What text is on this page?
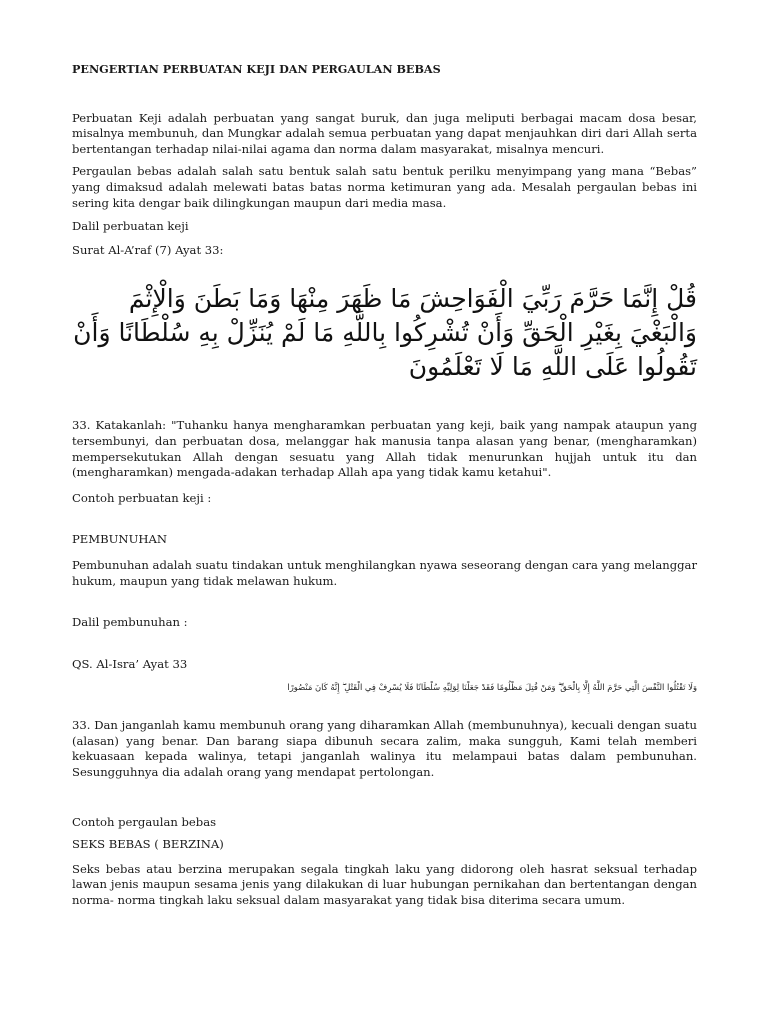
PENGERTIAN PERBUATAN KEJI DAN PERGAULAN BEBAS

Perbuatan Keji adalah perbuatan yang sangat buruk, dan juga meliputi berbagai macam dosa besar, misalnya membunuh, dan Mungkar adalah semua perbuatan yang dapat menjauhkan diri dari Allah serta bertentangan terhadap nilai-nilai agama dan norma dalam masyarakat, misalnya mencuri.

Pergaulan bebas adalah salah satu bentuk salah satu bentuk perilku menyimpang yang mana “Bebas” yang dimaksud adalah melewati batas batas norma ketimuran yang ada. Mesalah pergaulan bebas ini sering kita dengar baik dilingkungan maupun dari media masa.

Dalil perbuatan keji

Surat Al-A’raf (7) Ayat 33:

قُلْ إِنَّمَا حَرَّمَ رَبِّيَ الْفَوَاحِشَ مَا ظَهَرَ مِنْهَا وَمَا بَطَنَ وَالْإِثْمَ وَالْبَغْيَ بِغَيْرِ الْحَقِّ وَأَنْ تُشْرِكُوا بِاللَّهِ مَا لَمْ يُنَزِّلْ بِهِ سُلْطَانًا وَأَنْ تَقُولُوا عَلَى اللَّهِ مَا لَا تَعْلَمُونَ

33. Katakanlah: "Tuhanku hanya mengharamkan perbuatan yang keji, baik yang nampak ataupun yang tersembunyi, dan perbuatan dosa, melanggar hak manusia tanpa alasan yang benar, (mengharamkan) mempersekutukan Allah dengan sesuatu yang Allah tidak menurunkan hujjah untuk itu dan (mengharamkan) mengada-adakan terhadap Allah apa yang tidak kamu ketahui".

Contoh perbuatan keji :

PEMBUNUHAN

Pembunuhan adalah suatu tindakan untuk menghilangkan nyawa seseorang dengan cara yang melanggar hukum, maupun yang tidak melawan hukum.

Dalil pembunuhan :

QS. Al-Isra’ Ayat 33

وَلَا تَقْتُلُوا النَّفْسَ الَّتِي حَرَّمَ اللَّهُ إِلَّا بِالْحَقِّ ۗ وَمَنْ قُتِلَ مَظْلُومًا فَقَدْ جَعَلْنَا لِوَلِيِّهِ سُلْطَانًا فَلَا يُسْرِفْ فِي الْقَتْلِ ۖ إِنَّهُ كَانَ مَنْصُورًا

33. Dan janganlah kamu membunuh orang yang diharamkan Allah (membunuhnya), kecuali dengan suatu (alasan) yang benar. Dan barang siapa dibunuh secara zalim, maka sungguh, Kami telah memberi kekuasaan kepada walinya, tetapi janganlah walinya itu melampaui batas dalam pembunuhan. Sesungguhnya dia adalah orang yang mendapat pertolongan.

Contoh pergaulan bebas

SEKS BEBAS ( BERZINA)

Seks bebas atau berzina merupakan segala tingkah laku yang didorong oleh hasrat seksual terhadap lawan jenis maupun sesama jenis yang dilakukan di luar hubungan pernikahan dan bertentangan dengan norma- norma tingkah laku seksual dalam masyarakat yang tidak bisa diterima secara umum.
